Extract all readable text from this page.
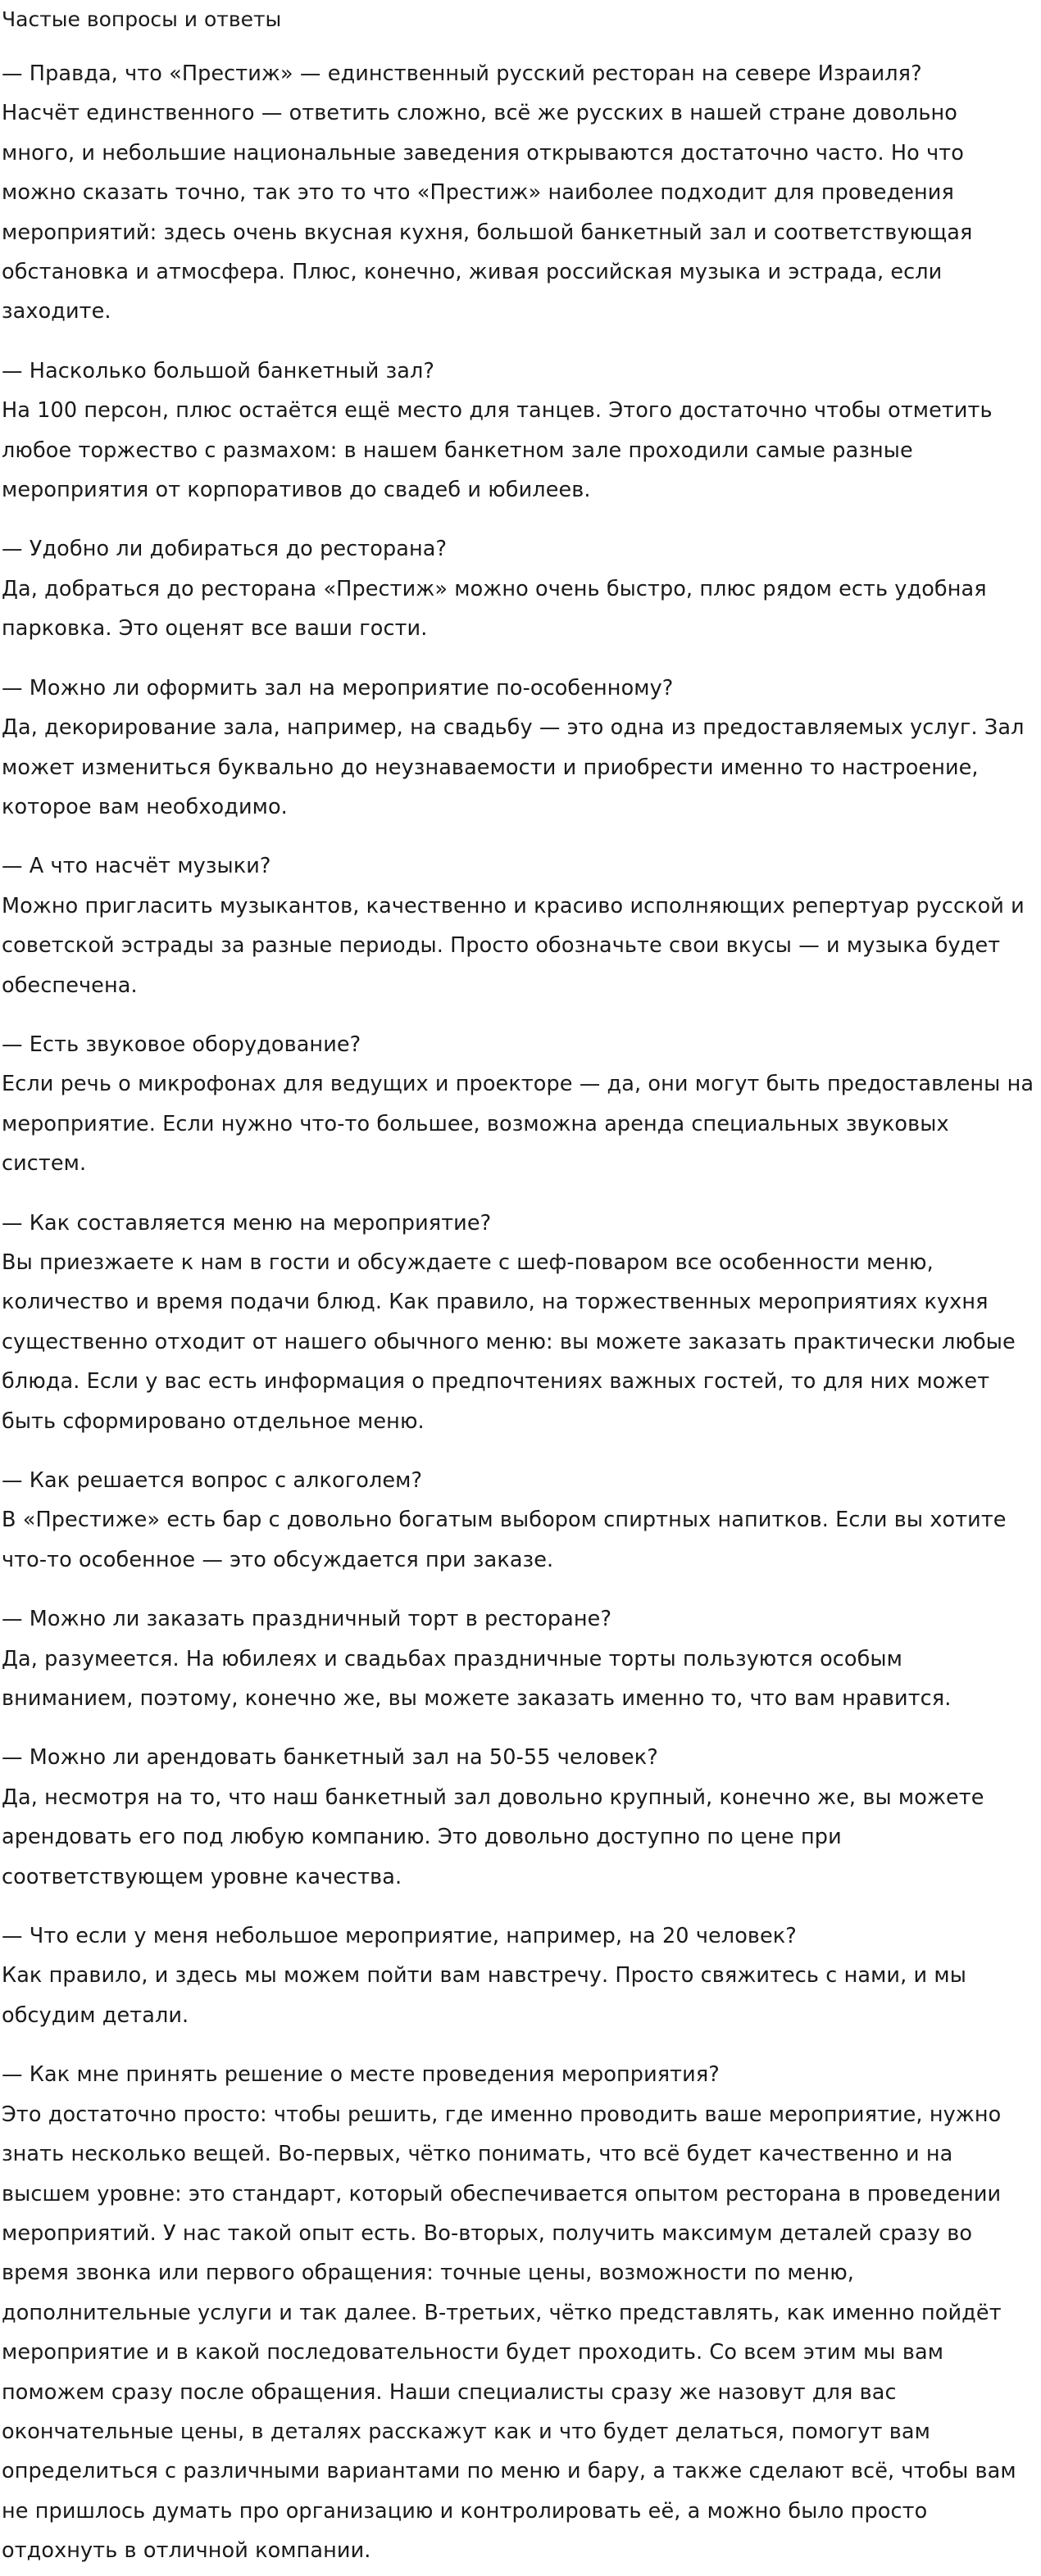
Частые вопросы и ответы

— Правда, что «Престиж» — единственный русский ресторан на севере Израиля?

Насчёт единственного — ответить сложно, всё же русских в нашей стране довольно много, и небольшие национальные заведения открываются достаточно часто. Но что можно сказать точно, так это то что «Престиж» наиболее подходит для проведения мероприятий: здесь очень вкусная кухня, большой банкетный зал и соответствующая обстановка и атмосфера. Плюс, конечно, живая российская музыка и эстрада, если заходите.

— Насколько большой банкетный зал?

На 100 персон, плюс остаётся ещё место для танцев. Этого достаточно чтобы отметить любое торжество с размахом: в нашем банкетном зале проходили самые разные мероприятия от корпоративов до свадеб и юбилеев.

— Удобно ли добираться до ресторана?

Да, добраться до ресторана «Престиж» можно очень быстро, плюс рядом есть удобная парковка. Это оценят все ваши гости.

— Можно ли оформить зал на мероприятие по-особенному?

Да, декорирование зала, например, на свадьбу — это одна из предоставляемых услуг. Зал может измениться буквально до неузнаваемости и приобрести именно то настроение, которое вам необходимо.

— А что насчёт музыки?

Можно пригласить музыкантов, качественно и красиво исполняющих репертуар русской и советской эстрады за разные периоды. Просто обозначьте свои вкусы — и музыка будет обеспечена.

— Есть звуковое оборудование?

Если речь о микрофонах для ведущих и проекторе — да, они могут быть предоставлены на мероприятие. Если нужно что-то большее, возможна аренда специальных звуковых систем.

— Как составляется меню на мероприятие?

Вы приезжаете к нам в гости и обсуждаете с шеф-поваром все особенности меню, количество и время подачи блюд. Как правило, на торжественных мероприятиях кухня существенно отходит от нашего обычного меню: вы можете заказать практически любые блюда. Если у вас есть информация о предпочтениях важных гостей, то для них может быть сформировано отдельное меню.

— Как решается вопрос с алкоголем?

В «Престиже» есть бар с довольно богатым выбором спиртных напитков. Если вы хотите что-то особенное — это обсуждается при заказе.

— Можно ли заказать праздничный торт в ресторане?

Да, разумеется. На юбилеях и свадьбах праздничные торты пользуются особым вниманием, поэтому, конечно же, вы можете заказать именно то, что вам нравится.

— Можно ли арендовать банкетный зал на 50-55 человек?

Да, несмотря на то, что наш банкетный зал довольно крупный, конечно же, вы можете арендовать его под любую компанию. Это довольно доступно по цене при соответствующем уровне качества.

— Что если у меня небольшое мероприятие, например, на 20 человек?

Как правило, и здесь мы можем пойти вам навстречу. Просто свяжитесь с нами, и мы обсудим детали.

— Как мне принять решение о месте проведения мероприятия?

Это достаточно просто: чтобы решить, где именно проводить ваше мероприятие, нужно знать несколько вещей. Во-первых, чётко понимать, что всё будет качественно и на высшем уровне: это стандарт, который обеспечивается опытом ресторана в проведении мероприятий. У нас такой опыт есть. Во-вторых, получить максимум деталей сразу во время звонка или первого обращения: точные цены, возможности по меню, дополнительные услуги и так далее. В-третьих, чётко представлять, как именно пойдёт мероприятие и в какой последовательности будет проходить. Со всем этим мы вам поможем сразу после обращения. Наши специалисты сразу же назовут для вас окончательные цены, в деталях расскажут как и что будет делаться, помогут вам определиться с различными вариантами по меню и бару, а также сделают всё, чтобы вам не пришлось думать про организацию и контролировать её, а можно было просто отдохнуть в отличной компании.
